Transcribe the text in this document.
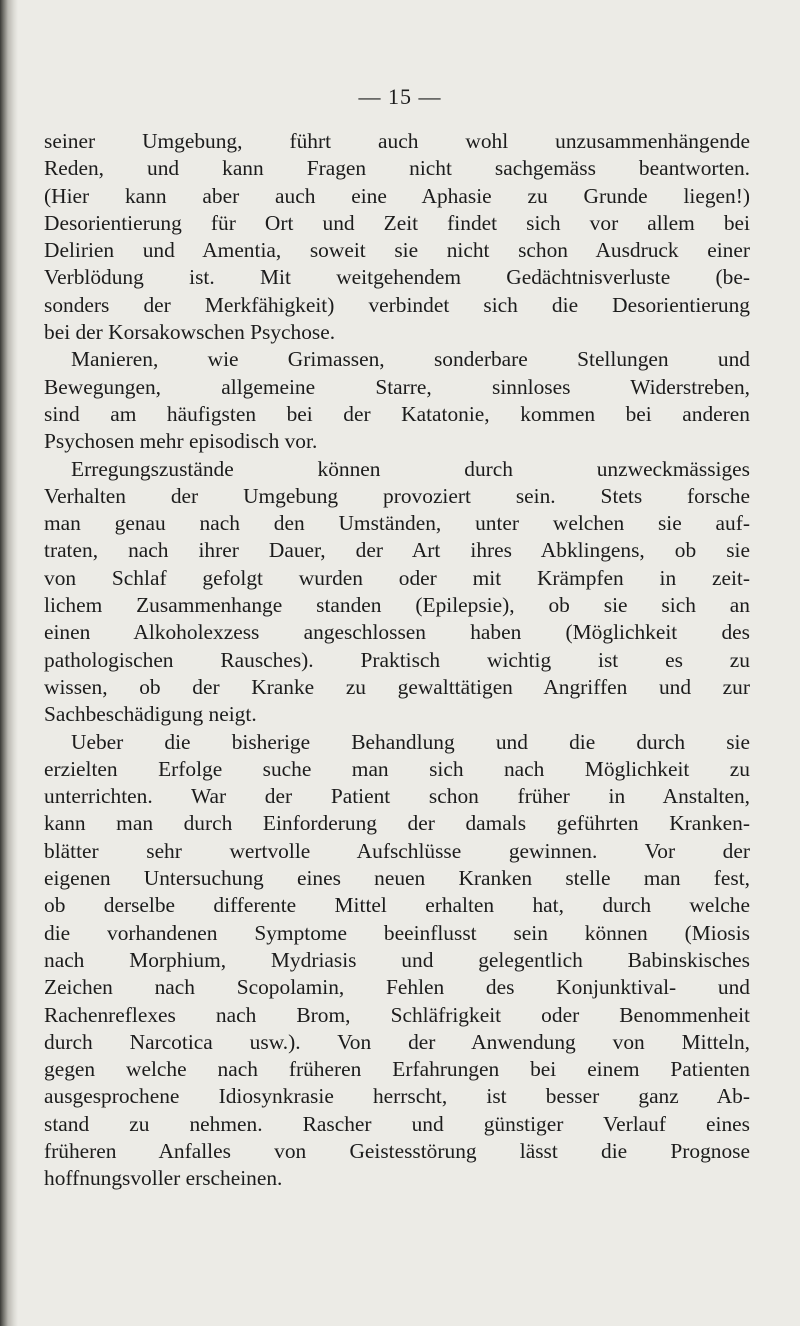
— 15 —
seiner Umgebung, führt auch wohl unzusammenhängende
Reden, und kann Fragen nicht sachgemäss beantworten.
(Hier kann aber auch eine Aphasie zu Grunde liegen!)
Desorientierung für Ort und Zeit findet sich vor allem bei
Delirien und Amentia, soweit sie nicht schon Ausdruck einer
Verblödung ist. Mit weitgehendem Gedächtnisverluste (be-
sonders der Merkfähigkeit) verbindet sich die Desorientierung
bei der Korsakowschen Psychose.
Manieren, wie Grimassen, sonderbare Stellungen und
Bewegungen, allgemeine Starre, sinnloses Widerstreben,
sind am häufigsten bei der Katatonie, kommen bei anderen
Psychosen mehr episodisch vor.
Erregungszustände können durch unzweckmässiges
Verhalten der Umgebung provoziert sein. Stets forsche
man genau nach den Umständen, unter welchen sie auf-
traten, nach ihrer Dauer, der Art ihres Abklingens, ob sie
von Schlaf gefolgt wurden oder mit Krämpfen in zeit-
lichem Zusammenhange standen (Epilepsie), ob sie sich an
einen Alkoholexzess angeschlossen haben (Möglichkeit des
pathologischen Rausches). Praktisch wichtig ist es zu
wissen, ob der Kranke zu gewalttätigen Angriffen und zur
Sachbeschädigung neigt.
Ueber die bisherige Behandlung und die durch sie
erzielten Erfolge suche man sich nach Möglichkeit zu
unterrichten. War der Patient schon früher in Anstalten,
kann man durch Einforderung der damals geführten Kranken-
blätter sehr wertvolle Aufschlüsse gewinnen. Vor der
eigenen Untersuchung eines neuen Kranken stelle man fest,
ob derselbe differente Mittel erhalten hat, durch welche
die vorhandenen Symptome beeinflusst sein können (Miosis
nach Morphium, Mydriasis und gelegentlich Babinskisches
Zeichen nach Scopolamin, Fehlen des Konjunktival- und
Rachenreflexes nach Brom, Schläfrigkeit oder Benommenheit
durch Narcotica usw.). Von der Anwendung von Mitteln,
gegen welche nach früheren Erfahrungen bei einem Patienten
ausgesprochene Idiosynkrasie herrscht, ist besser ganz Ab-
stand zu nehmen. Rascher und günstiger Verlauf eines
früheren Anfalles von Geistesstörung lässt die Prognose
hoffnungsvoller erscheinen.
